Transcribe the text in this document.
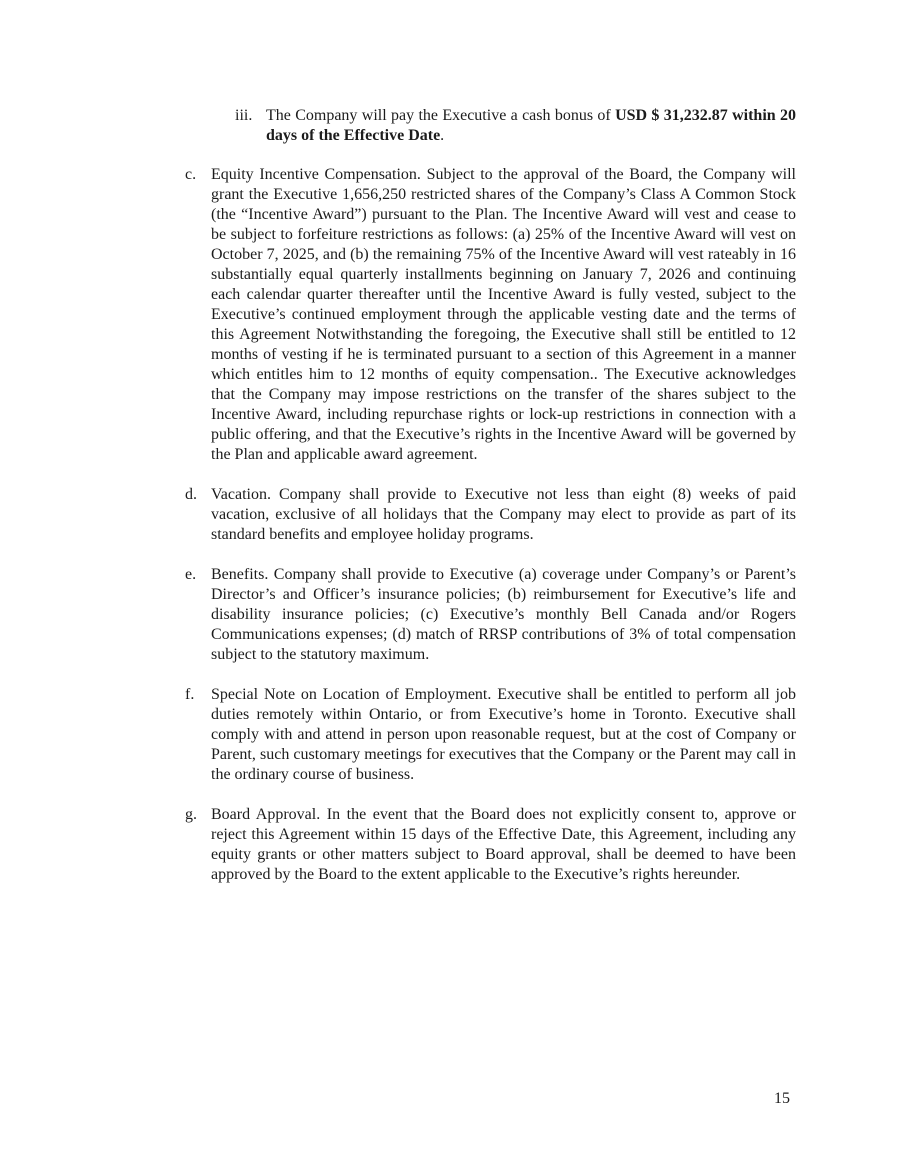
iii. The Company will pay the Executive a cash bonus of USD $ 31,232.87 within 20 days of the Effective Date.
c. Equity Incentive Compensation. Subject to the approval of the Board, the Company will grant the Executive 1,656,250 restricted shares of the Company’s Class A Common Stock (the “Incentive Award”) pursuant to the Plan. The Incentive Award will vest and cease to be subject to forfeiture restrictions as follows: (a) 25% of the Incentive Award will vest on October 7, 2025, and (b) the remaining 75% of the Incentive Award will vest rateably in 16 substantially equal quarterly installments beginning on January 7, 2026 and continuing each calendar quarter thereafter until the Incentive Award is fully vested, subject to the Executive’s continued employment through the applicable vesting date and the terms of this Agreement Notwithstanding the foregoing, the Executive shall still be entitled to 12 months of vesting if he is terminated pursuant to a section of this Agreement in a manner which entitles him to 12 months of equity compensation.. The Executive acknowledges that the Company may impose restrictions on the transfer of the shares subject to the Incentive Award, including repurchase rights or lock-up restrictions in connection with a public offering, and that the Executive’s rights in the Incentive Award will be governed by the Plan and applicable award agreement.
d. Vacation. Company shall provide to Executive not less than eight (8) weeks of paid vacation, exclusive of all holidays that the Company may elect to provide as part of its standard benefits and employee holiday programs.
e. Benefits. Company shall provide to Executive (a) coverage under Company’s or Parent’s Director’s and Officer’s insurance policies; (b) reimbursement for Executive’s life and disability insurance policies; (c) Executive’s monthly Bell Canada and/or Rogers Communications expenses; (d) match of RRSP contributions of 3% of total compensation subject to the statutory maximum.
f.	Special Note on Location of Employment. Executive shall be entitled to perform all job duties remotely within Ontario, or from Executive’s home in Toronto. Executive shall comply with and attend in person upon reasonable request, but at the cost of Company or Parent, such customary meetings for executives that the Company or the Parent may call in the ordinary course of business.
g. Board Approval. In the event that the Board does not explicitly consent to, approve or reject this Agreement within 15 days of the Effective Date, this Agreement, including any equity grants or other matters subject to Board approval, shall be deemed to have been approved by the Board to the extent applicable to the Executive’s rights hereunder.
15
